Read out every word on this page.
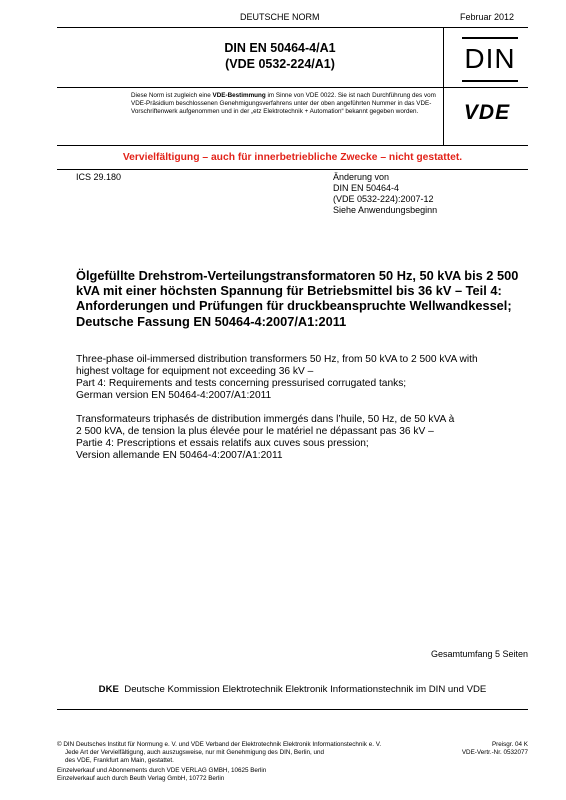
DEUTSCHE NORM	Februar 2012
DIN EN 50464-4/A1
(VDE 0532-224/A1)	DIN
Diese Norm ist zugleich eine VDE-Bestimmung im Sinne von VDE 0022. Sie ist nach Durchführung des vom VDE-Präsidium beschlossenen Genehmigungsverfahrens unter der oben angeführten Nummer in das VDE-Vorschriftenwerk aufgenommen und in der „etz Elektrotechnik + Automation“ bekannt gegeben worden.	VDE
Vervielfältigung – auch für innerbetriebliche Zwecke – nicht gestattet.
ICS 29.180	Änderung von
DIN EN 50464-4
(VDE 0532-224):2007-12
Siehe Anwendungsbeginn
Ölgefüllte Drehstrom-Verteilungstransformatoren 50 Hz, 50 kVA bis 2 500 kVA mit einer höchsten Spannung für Betriebsmittel bis 36 kV – Teil 4: Anforderungen und Prüfungen für druckbeanspruchte Wellwandkessel;
Deutsche Fassung EN 50464-4:2007/A1:2011
Three-phase oil-immersed distribution transformers 50 Hz, from 50 kVA to 2 500 kVA with
highest voltage for equipment not exceeding 36 kV –
Part 4: Requirements and tests concerning pressurised corrugated tanks;
German version EN 50464-4:2007/A1:2011
Transformateurs triphasés de distribution immergés dans l’huile, 50 Hz, de 50 kVA à
2 500 kVA, de tension la plus élevée pour le matériel ne dépassant pas 36 kV –
Partie 4: Prescriptions et essais relatifs aux cuves sous pression;
Version allemande EN 50464-4:2007/A1:2011
Gesamtumfang 5 Seiten
DKE Deutsche Kommission Elektrotechnik Elektronik Informationstechnik im DIN und VDE
© DIN Deutsches Institut für Normung e. V. und VDE Verband der Elektrotechnik Elektronik Informationstechnik e. V.
Jede Art der Vervielfältigung, auch auszugsweise, nur mit Genehmigung des DIN, Berlin, und
des VDE, Frankfurt am Main, gestattet.
Preisgr. 04 K
VDE-Vertr.-Nr. 0532077
Einzelverkauf und Abonnements durch VDE VERLAG GMBH, 10625 Berlin
Einzelverkauf auch durch Beuth Verlag GmbH, 10772 Berlin
